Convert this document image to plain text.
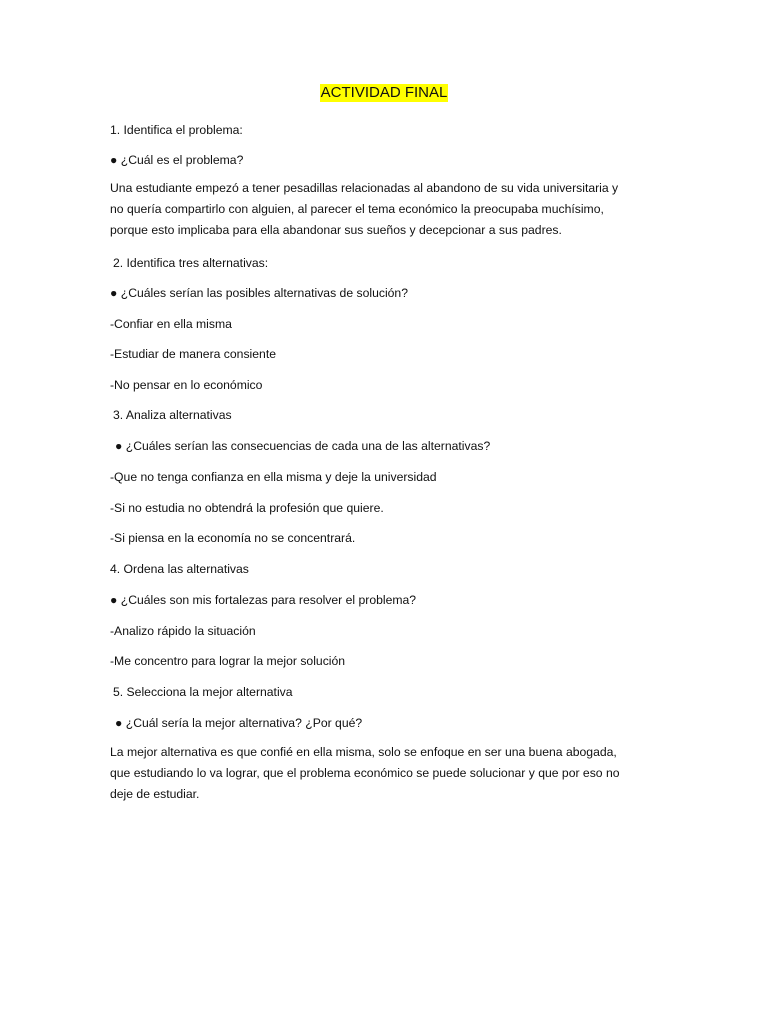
ACTIVIDAD FINAL
1. Identifica el problema:
● ¿Cuál es el problema?
Una estudiante empezó a tener pesadillas relacionadas al abandono de su vida universitaria y
no quería compartirlo con alguien, al parecer el tema económico la preocupaba muchísimo,
porque esto implicaba para ella abandonar sus sueños y decepcionar a sus padres.
2. Identifica tres alternativas:
● ¿Cuáles serían las posibles alternativas de solución?
-Confiar en ella misma
-Estudiar de manera consiente
-No pensar en lo económico
3. Analiza alternativas
● ¿Cuáles serían las consecuencias de cada una de las alternativas?
-Que no tenga confianza en ella misma y deje la universidad
-Si no estudia no obtendrá la profesión que quiere.
-Si piensa en la economía no se concentrará.
4. Ordena las alternativas
● ¿Cuáles son mis fortalezas para resolver el problema?
-Analizo rápido la situación
-Me concentro para lograr la mejor solución
5. Selecciona la mejor alternativa
● ¿Cuál sería la mejor alternativa? ¿Por qué?
La mejor alternativa es que confié en ella misma, solo se enfoque en ser una buena abogada,
que estudiando lo va lograr, que el problema económico se puede solucionar y que por eso no
deje de estudiar.
